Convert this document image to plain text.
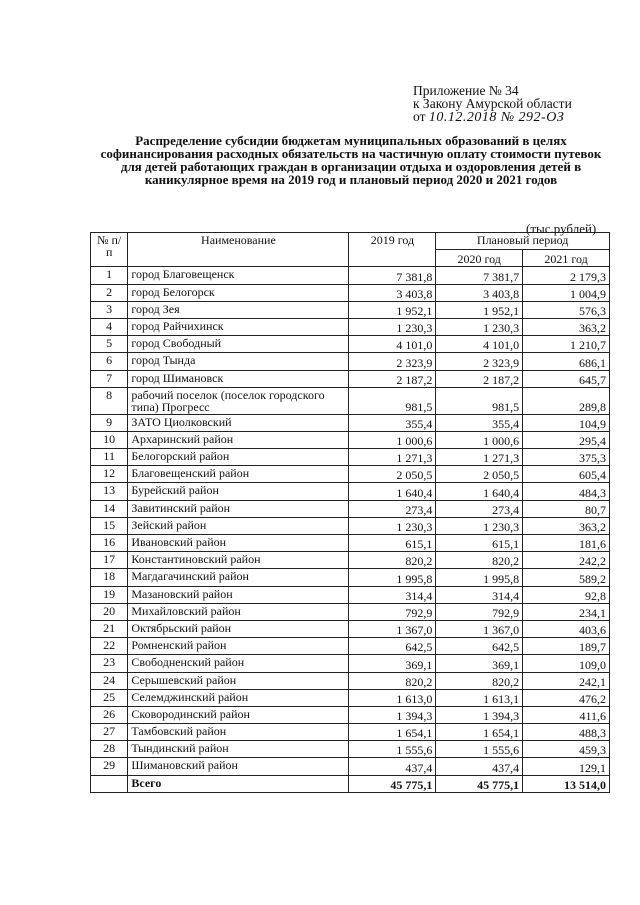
Приложение № 34
к Закону Амурской области
от 10.12.2018 № 292-ОЗ
Распределение субсидии бюджетам муниципальных образований в целях софинансирования расходных обязательств на частичную оплату стоимости путевок для детей работающих граждан в организации отдыха и оздоровления детей в каникулярное время на 2019 год и плановый период 2020 и 2021 годов
(тыс.рублей)
№ п/п	Наименование	2019 год	Плановый период	
			2020 год	2021 год
1	город Благовещенск	7 381,8	7 381,7	2 179,3
2	город Белогорск	3 403,8	3 403,8	1 004,9
3	город Зея	1 952,1	1 952,1	576,3
4	город Райчихинск	1 230,3	1 230,3	363,2
5	город Свободный	4 101,0	4 101,0	1 210,7
6	город Тында	2 323,9	2 323,9	686,1
7	город Шимановск	2 187,2	2 187,2	645,7
8	рабочий поселок (поселок городского типа) Прогресс	981,5	981,5	289,8
9	ЗАТО Циолковский	355,4	355,4	104,9
10	Архаринский район	1 000,6	1 000,6	295,4
11	Белогорский район	1 271,3	1 271,3	375,3
12	Благовещенский район	2 050,5	2 050,5	605,4
13	Бурейский район	1 640,4	1 640,4	484,3
14	Завитинский район	273,4	273,4	80,7
15	Зейский район	1 230,3	1 230,3	363,2
16	Ивановский район	615,1	615,1	181,6
17	Константиновский район	820,2	820,2	242,2
18	Магдагачинский район	1 995,8	1 995,8	589,2
19	Мазановский район	314,4	314,4	92,8
20	Михайловский район	792,9	792,9	234,1
21	Октябрьский район	1 367,0	1 367,0	403,6
22	Ромненский район	642,5	642,5	189,7
23	Свободненский район	369,1	369,1	109,0
24	Серышевский район	820,2	820,2	242,1
25	Селемджинский район	1 613,0	1 613,1	476,2
26	Сковородинский район	1 394,3	1 394,3	411,6
27	Тамбовский район	1 654,1	1 654,1	488,3
28	Тындинский район	1 555,6	1 555,6	459,3
29	Шимановский район	437,4	437,4	129,1
	Всего	45 775,1	45 775,1	13 514,0
